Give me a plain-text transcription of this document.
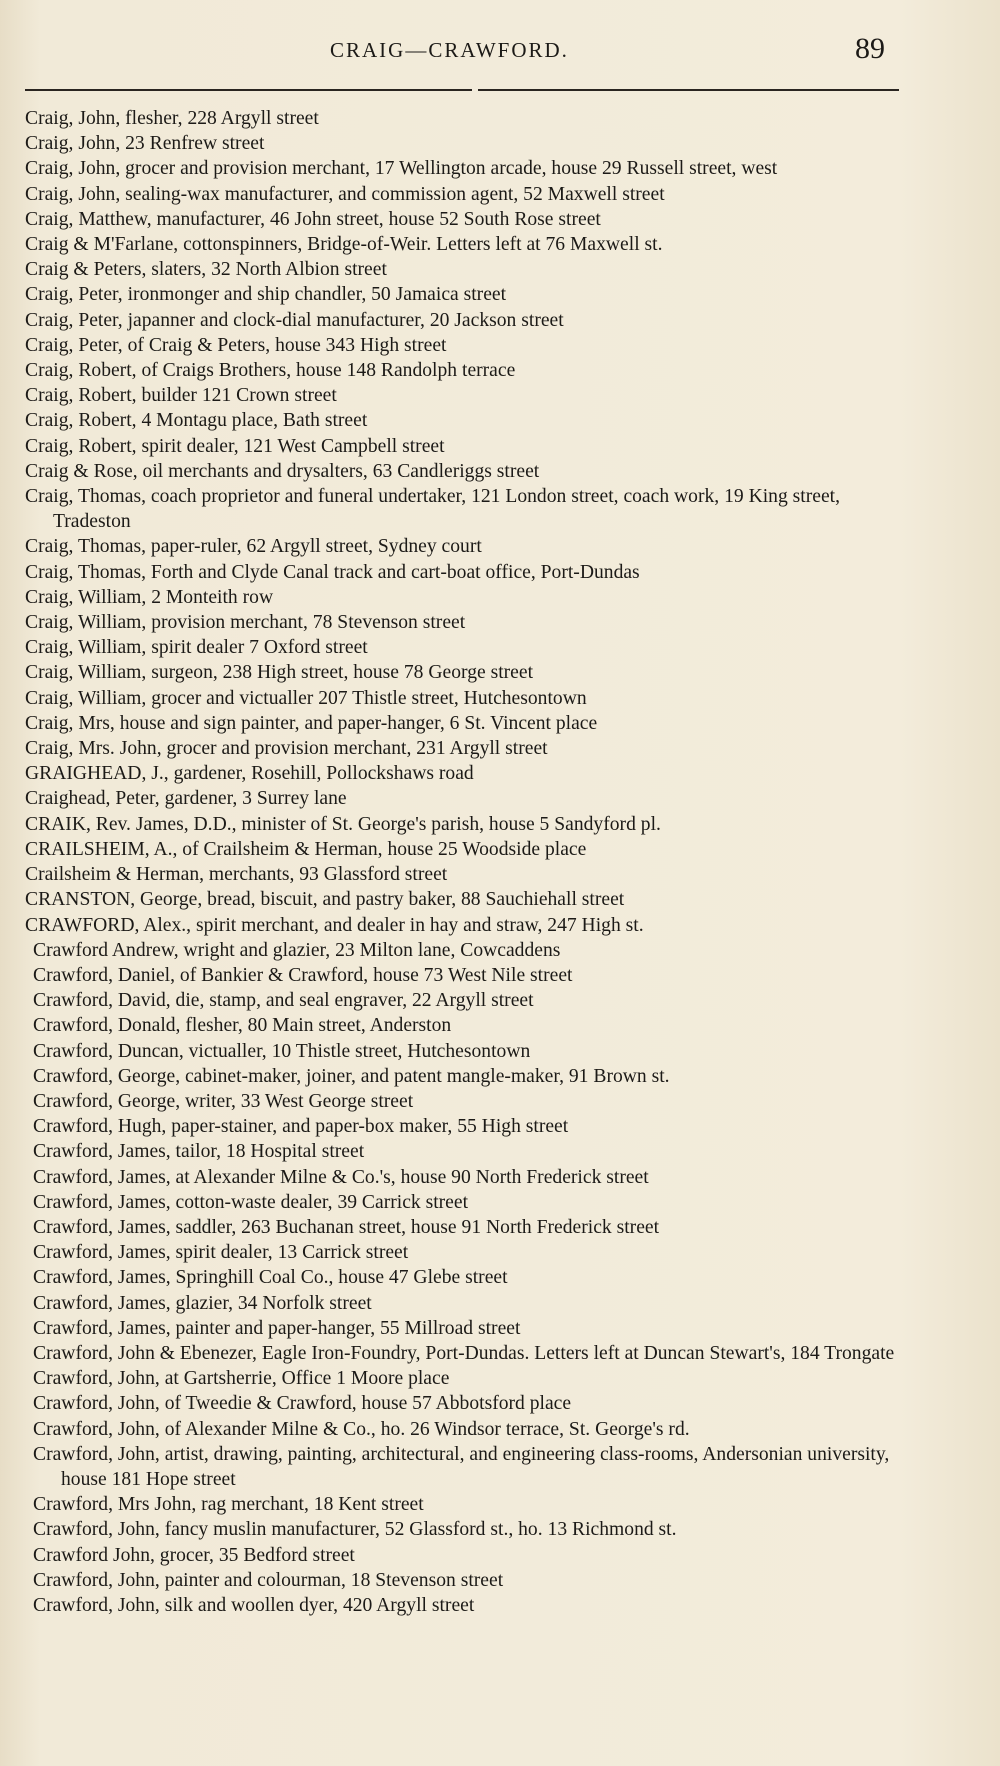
CRAIG—CRAWFORD.	89
Craig, John, flesher, 228 Argyll street
Craig, John, 23 Renfrew street
Craig, John, grocer and provision merchant, 17 Wellington arcade, house 29 Russell street, west
Craig, John, sealing-wax manufacturer, and commission agent, 52 Maxwell street
Craig, Matthew, manufacturer, 46 John street, house 52 South Rose street
Craig & M'Farlane, cottonspinners, Bridge-of-Weir. Letters left at 76 Maxwell st.
Craig & Peters, slaters, 32 North Albion street
Craig, Peter, ironmonger and ship chandler, 50 Jamaica street
Craig, Peter, japanner and clock-dial manufacturer, 20 Jackson street
Craig, Peter, of Craig & Peters, house 343 High street
Craig, Robert, of Craigs Brothers, house 148 Randolph terrace
Craig, Robert, builder 121 Crown street
Craig, Robert, 4 Montagu place, Bath street
Craig, Robert, spirit dealer, 121 West Campbell street
Craig & Rose, oil merchants and drysalters, 63 Candleriggs street
Craig, Thomas, coach proprietor and funeral undertaker, 121 London street, coach work, 19 King street, Tradeston
Craig, Thomas, paper-ruler, 62 Argyll street, Sydney court
Craig, Thomas, Forth and Clyde Canal track and cart-boat office, Port-Dundas
Craig, William, 2 Monteith row
Craig, William, provision merchant, 78 Stevenson street
Craig, William, spirit dealer 7 Oxford street
Craig, William, surgeon, 238 High street, house 78 George street
Craig, William, grocer and victualler 207 Thistle street, Hutchesontown
Craig, Mrs, house and sign painter, and paper-hanger, 6 St. Vincent place
Craig, Mrs. John, grocer and provision merchant, 231 Argyll street
GRAIGHEAD, J., gardener, Rosehill, Pollockshaws road
Craighead, Peter, gardener, 3 Surrey lane
CRAIK, Rev. James, D.D., minister of St. George's parish, house 5 Sandyford pl.
CRAILSHEIM, A., of Crailsheim & Herman, house 25 Woodside place
Crailsheim & Herman, merchants, 93 Glassford street
CRANSTON, George, bread, biscuit, and pastry baker, 88 Sauchiehall street
CRAWFORD, Alex., spirit merchant, and dealer in hay and straw, 247 High st.
Crawford Andrew, wright and glazier, 23 Milton lane, Cowcaddens
Crawford, Daniel, of Bankier & Crawford, house 73 West Nile street
Crawford, David, die, stamp, and seal engraver, 22 Argyll street
Crawford, Donald, flesher, 80 Main street, Anderston
Crawford, Duncan, victualler, 10 Thistle street, Hutchesontown
Crawford, George, cabinet-maker, joiner, and patent mangle-maker, 91 Brown st.
Crawford, George, writer, 33 West George street
Crawford, Hugh, paper-stainer, and paper-box maker, 55 High street
Crawford, James, tailor, 18 Hospital street
Crawford, James, at Alexander Milne & Co.'s, house 90 North Frederick street
Crawford, James, cotton-waste dealer, 39 Carrick street
Crawford, James, saddler, 263 Buchanan street, house 91 North Frederick street
Crawford, James, spirit dealer, 13 Carrick street
Crawford, James, Springhill Coal Co., house 47 Glebe street
Crawford, James, glazier, 34 Norfolk street
Crawford, James, painter and paper-hanger, 55 Millroad street
Crawford, John & Ebenezer, Eagle Iron-Foundry, Port-Dundas. Letters left at Duncan Stewart's, 184 Trongate
Crawford, John, at Gartsherrie, Office 1 Moore place
Crawford, John, of Tweedie & Crawford, house 57 Abbotsford place
Crawford, John, of Alexander Milne & Co., ho. 26 Windsor terrace, St. George's rd.
Crawford, John, artist, drawing, painting, architectural, and engineering class-rooms, Andersonian university, house 181 Hope street
Crawford, Mrs John, rag merchant, 18 Kent street
Crawford, John, fancy muslin manufacturer, 52 Glassford st., ho. 13 Richmond st.
Crawford John, grocer, 35 Bedford street
Crawford, John, painter and colourman, 18 Stevenson street
Crawford, John, silk and woollen dyer, 420 Argyll street
